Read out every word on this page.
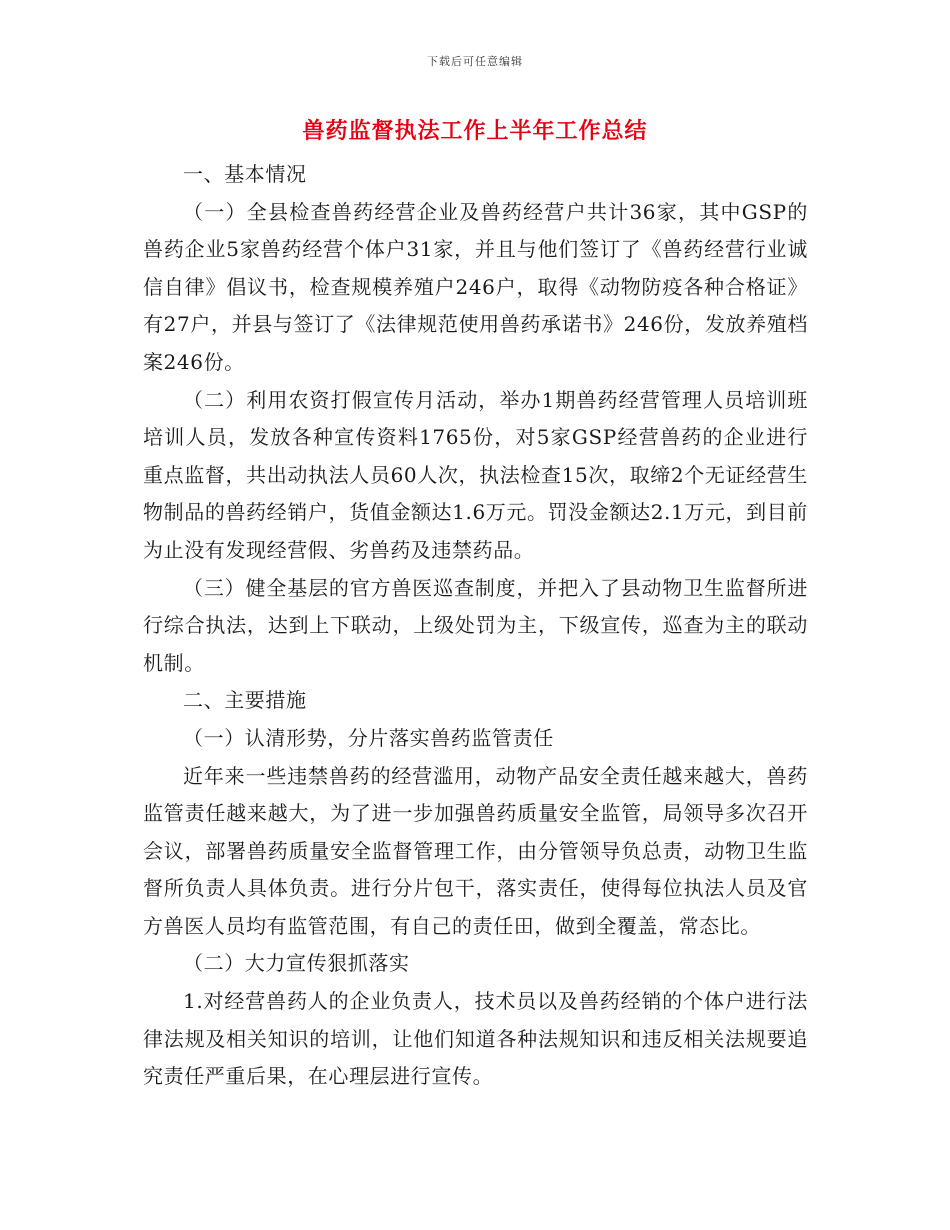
下载后可任意编辑
兽药监督执法工作上半年工作总结

一、基本情况

（一）全县检查兽药经营企业及兽药经营户共计36家，其中GSP的兽药企业5家兽药经营个体户31家，并且与他们签订了《兽药经营行业诚信自律》倡议书，检查规模养殖户246户，取得《动物防疫各种合格证》有27户，并县与签订了《法律规范使用兽药承诺书》246份，发放养殖档案246份。

（二）利用农资打假宣传月活动，举办1期兽药经营管理人员培训班培训人员，发放各种宣传资料1765份，对5家GSP经营兽药的企业进行重点监督，共出动执法人员60人次，执法检查15次，取缔2个无证经营生物制品的兽药经销户，货值金额达1.6万元。罚没金额达2.1万元，到目前为止没有发现经营假、劣兽药及违禁药品。

（三）健全基层的官方兽医巡查制度，并把入了县动物卫生监督所进行综合执法，达到上下联动，上级处罚为主，下级宣传，巡查为主的联动机制。

二、主要措施

（一）认清形势，分片落实兽药监管责任

近年来一些违禁兽药的经营滥用，动物产品安全责任越来越大，兽药监管责任越来越大，为了进一步加强兽药质量安全监管，局领导多次召开会议，部署兽药质量安全监督管理工作，由分管领导负总责，动物卫生监督所负责人具体负责。进行分片包干，落实责任，使得每位执法人员及官方兽医人员均有监管范围，有自己的责任田，做到全覆盖，常态比。

（二）大力宣传狠抓落实

1.对经营兽药人的企业负责人，技术员以及兽药经销的个体户进行法律法规及相关知识的培训，让他们知道各种法规知识和违反相关法规要追究责任严重后果，在心理层进行宣传。
